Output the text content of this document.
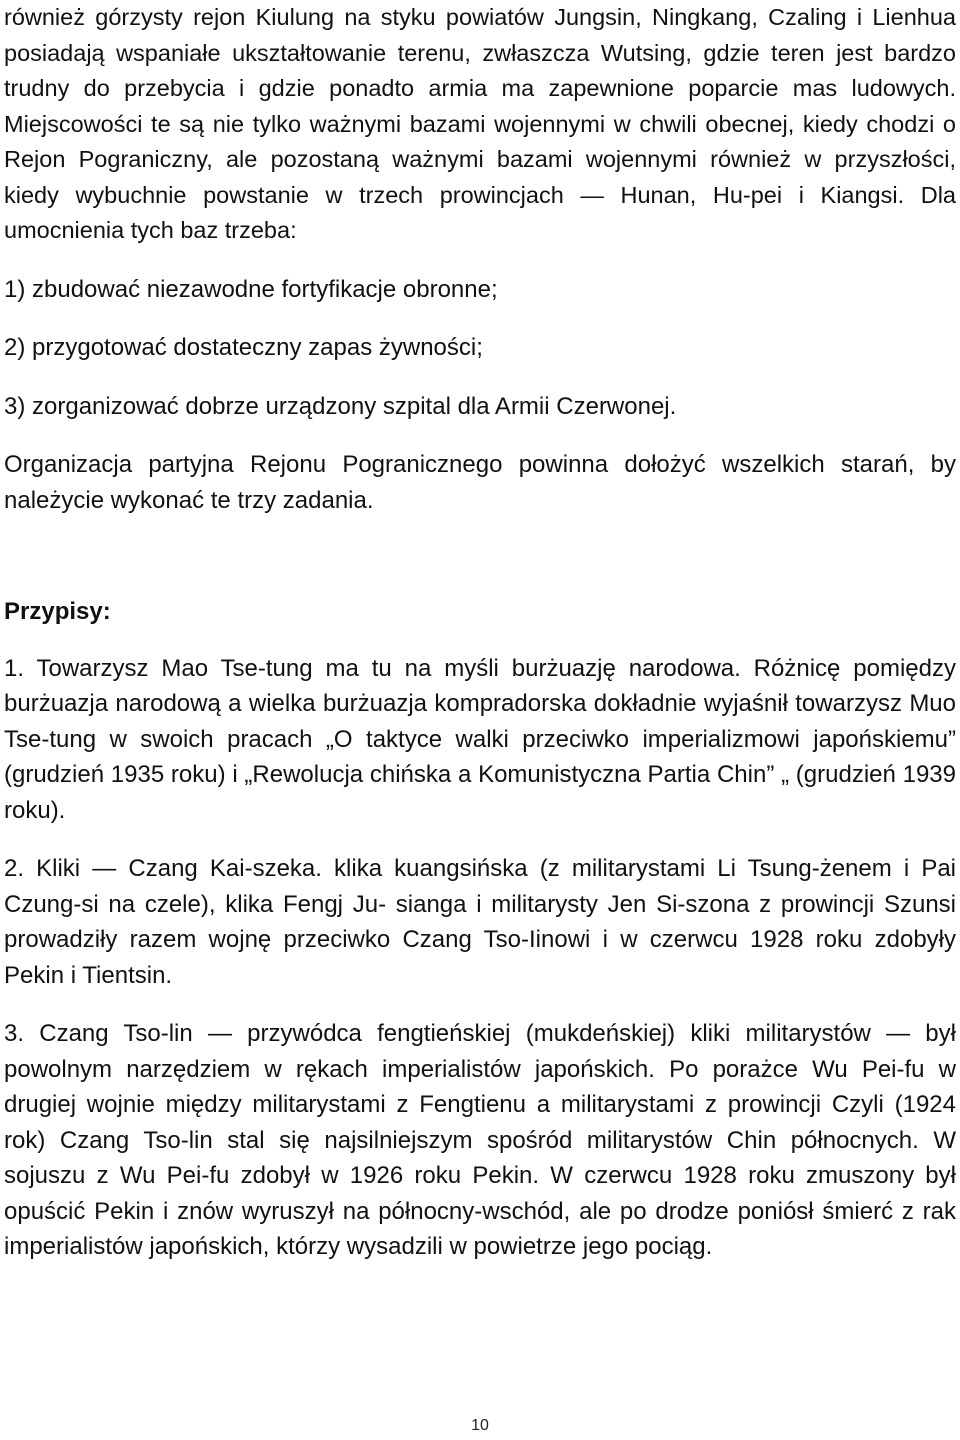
również górzysty rejon Kiulung na styku powiatów Jungsin, Ningkang, Czaling i Lienhua posiadają wspaniałe ukształtowanie terenu, zwłaszcza Wutsing, gdzie teren jest bardzo trudny do przebycia i gdzie ponadto armia ma zapewnione poparcie mas ludowych. Miejscowości te są nie tylko ważnymi bazami wojennymi w chwili obecnej, kiedy chodzi o Rejon Pograniczny, ale pozostaną ważnymi bazami wojennymi również w przyszłości, kiedy wybuchnie powstanie w trzech prowincjach — Hunan, Hu-pei i Kiangsi. Dla umocnienia tych baz trzeba:

1) zbudować niezawodne fortyfikacje obronne;

2) przygotować dostateczny zapas żywności;

3) zorganizować dobrze urządzony szpital dla Armii Czerwonej.

Organizacja partyjna Rejonu Pogranicznego powinna dołożyć wszelkich starań, by należycie wykonać te trzy zadania.

Przypisy:

1. Towarzysz Mao Tse-tung ma tu na myśli burżuazję narodowa. Różnicę pomiędzy burżuazja narodową a wielka burżuazja kompradorska dokładnie wyjaśnił towarzysz Muo Tse-tung w swoich pracach „O taktyce walki przeciwko imperializmowi japońskiemu” (grudzień 1935 roku) i „Rewolucja chińska a Komunistyczna Partia Chin” „ (grudzień 1939 roku).

2. Kliki — Czang Kai-szeka. klika kuangsińska (z militarystami Li Tsung-żenem i Pai Czung-si na czele), klika Fengj Ju- sianga i militarysty Jen Si-szona z prowincji Szunsi prowadziły razem wojnę przeciwko Czang Tso-Iinowi i w czerwcu 1928 roku zdobyły Pekin i Tientsin.

3. Czang Tso-lin — przywódca fengtieńskiej (mukdeńskiej) kliki militarystów — był powolnym narzędziem w rękach imperialistów japońskich. Po porażce Wu Pei-fu w drugiej wojnie między militarystami z Fengtienu a militarystami z prowincji Czyli (1924 rok) Czang Tso-lin stal się najsilniejszym spośród militarystów Chin północnych. W sojuszu z Wu Pei-fu zdobył w 1926 roku Pekin. W czerwcu 1928 roku zmuszony był opuścić Pekin i znów wyruszył na północny-wschód, ale po drodze poniósł śmierć z rak imperialistów japońskich, którzy wysadzili w powietrze jego pociąg.

10
